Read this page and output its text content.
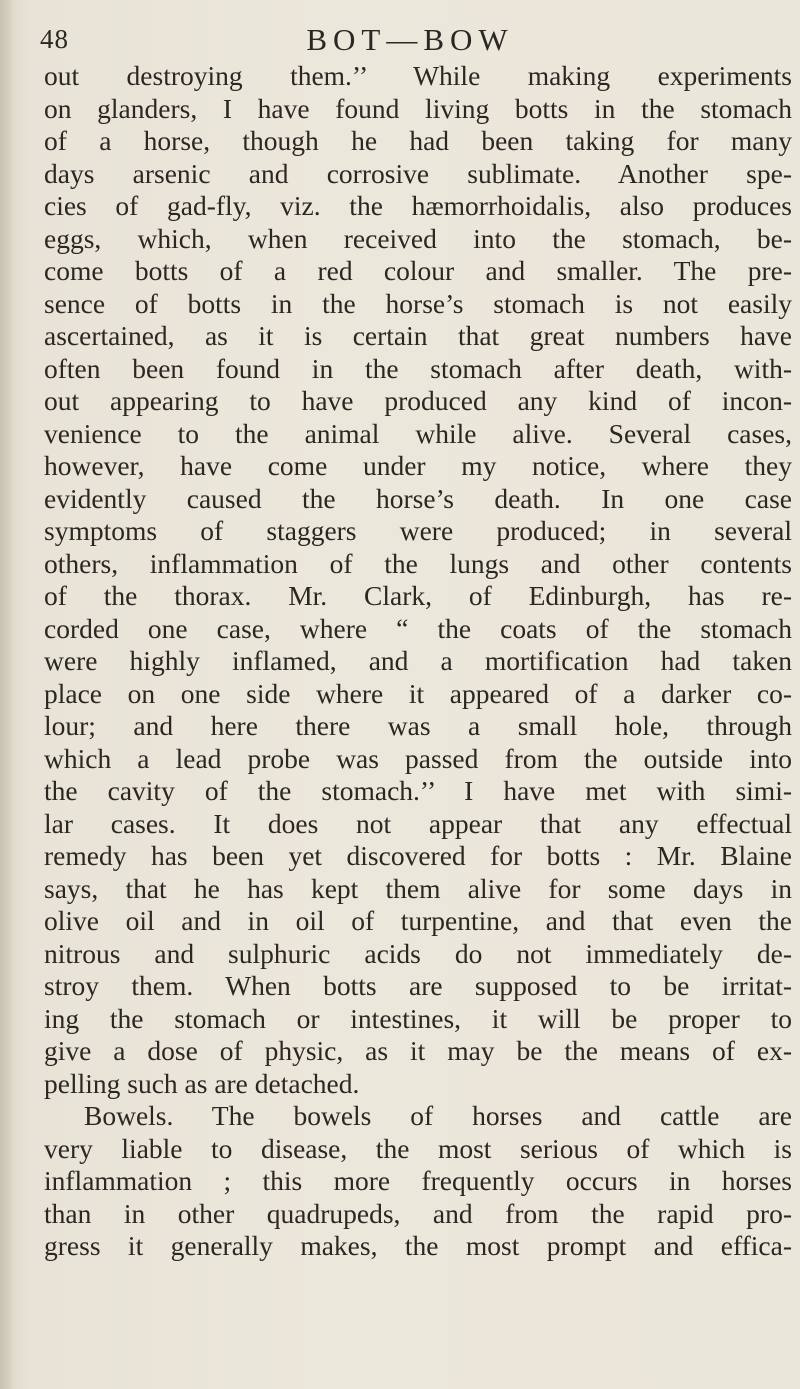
48	BOT—BOW
out destroying them.’’ While making experiments
on glanders, I have found living botts in the stomach
of a horse, though he had been taking for many
days arsenic and corrosive sublimate. Another spe-
cies of gad-fly, viz. the hæmorrhoidalis, also produces
eggs, which, when received into the stomach, be-
come botts of a red colour and smaller. The pre-
sence of botts in the horse’s stomach is not easily
ascertained, as it is certain that great numbers have
often been found in the stomach after death, with-
out appearing to have produced any kind of incon-
venience to the animal while alive. Several cases,
however, have come under my notice, where they
evidently caused the horse’s death. In one case
symptoms of staggers were produced; in several
others, inflammation of the lungs and other contents
of the thorax. Mr. Clark, of Edinburgh, has re-
corded one case, where “ the coats of the stomach
were highly inflamed, and a mortification had taken
place on one side where it appeared of a darker co-
lour; and here there was a small hole, through
which a lead probe was passed from the outside into
the cavity of the stomach.’’ I have met with simi-
lar cases. It does not appear that any effectual
remedy has been yet discovered for botts : Mr. Blaine
says, that he has kept them alive for some days in
olive oil and in oil of turpentine, and that even the
nitrous and sulphuric acids do not immediately de-
stroy them. When botts are supposed to be irritat-
ing the stomach or intestines, it will be proper to
give a dose of physic, as it may be the means of ex-
pelling such as are detached.
Bowels. The bowels of horses and cattle are
very liable to disease, the most serious of which is
inflammation ; this more frequently occurs in horses
than in other quadrupeds, and from the rapid pro-
gress it generally makes, the most prompt and effica-
